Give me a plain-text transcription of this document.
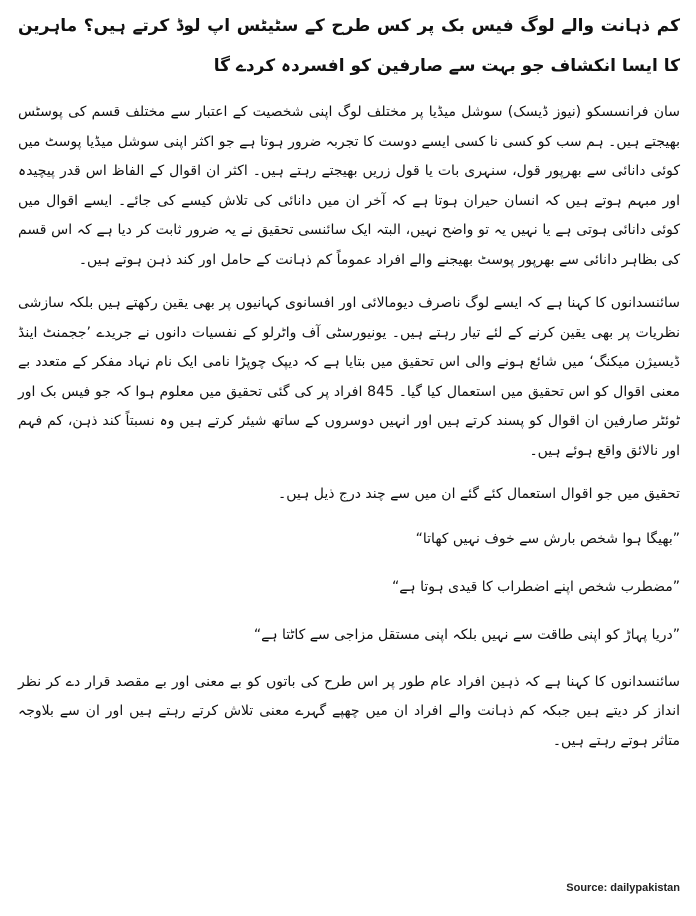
کم ذہانت والے لوگ فیس بک پر کس طرح کے سٹیٹس اپ لوڈ کرتے ہیں؟ ماہرین کا ایسا انکشاف جو بہت سے صارفین کو افسردہ کردے گا

سان فرانسسکو (نیوز ڈیسک) سوشل میڈیا پر مختلف لوگ اپنی شخصیت کے اعتبار سے مختلف قسم کی پوسٹس بھیجتے ہیں۔ ہم سب کو کسی نا کسی ایسے دوست کا تجربہ ضرور ہوتا ہے جو اکثر اپنی سوشل میڈیا پوسٹ میں کوئی دانائی سے بھرپور قول، سنہری بات یا قول زریں بھیجتے رہتے ہیں۔ اکثر ان اقوال کے الفاظ اس قدر پیچیدہ اور مبہم ہوتے ہیں کہ انسان حیران ہوتا ہے کہ آخر ان میں دانائی کی تلاش کیسے کی جائے۔ ایسے اقوال میں کوئی دانائی ہوتی ہے یا نہیں یہ تو واضح نہیں، البتہ ایک سائنسی تحقیق نے یہ ضرور ثابت کر دیا ہے کہ اس قسم کی بظاہر دانائی سے بھرپور پوسٹ بھیجنے والے افراد عموماً کم ذہانت کے حامل اور کند ذہن ہوتے ہیں۔

سائنسدانوں کا کہنا ہے کہ ایسے لوگ ناصرف دیومالائی اور افسانوی کہانیوں پر بھی یقین رکھتے ہیں بلکہ سازشی نظریات پر بھی یقین کرنے کے لئے تیار رہتے ہیں۔ یونیورسٹی آف واٹرلو کے نفسیات دانوں نے جریدے ’ججمنٹ اینڈ ڈیسیژن میکنگ‘ میں شائع ہونے والی اس تحقیق میں بتایا ہے کہ دیپک چوپڑا نامی ایک نام نہاد مفکر کے متعدد بے معنی اقوال کو اس تحقیق میں استعمال کیا گیا۔ 845 افراد پر کی گئی تحقیق میں معلوم ہوا کہ جو فیس بک اور ٹوئٹر صارفین ان اقوال کو پسند کرتے ہیں اور انہیں دوسروں کے ساتھ شیئر کرتے ہیں وہ نسبتاً کند ذہن، کم فہم اور نالائق واقع ہوئے ہیں۔

تحقیق میں جو اقوال استعمال کئے گئے ان میں سے چند درج ذیل ہیں۔

”بھیگا ہوا شخص بارش سے خوف نہیں کھاتا“

”مضطرب شخص اپنے اضطراب کا قیدی ہوتا ہے“

”دریا پہاڑ کو اپنی طاقت سے نہیں بلکہ اپنی مستقل مزاجی سے کاٹتا ہے“

سائنسدانوں کا کہنا ہے کہ ذہین افراد عام طور پر اس طرح کی باتوں کو بے معنی اور بے مقصد قرار دے کر نظر انداز کر دیتے ہیں جبکہ کم ذہانت والے افراد ان میں چھپے گہرے معنی تلاش کرتے رہتے ہیں اور ان سے بلاوجہ متاثر ہوتے رہتے ہیں۔

Source: dailypakistan
